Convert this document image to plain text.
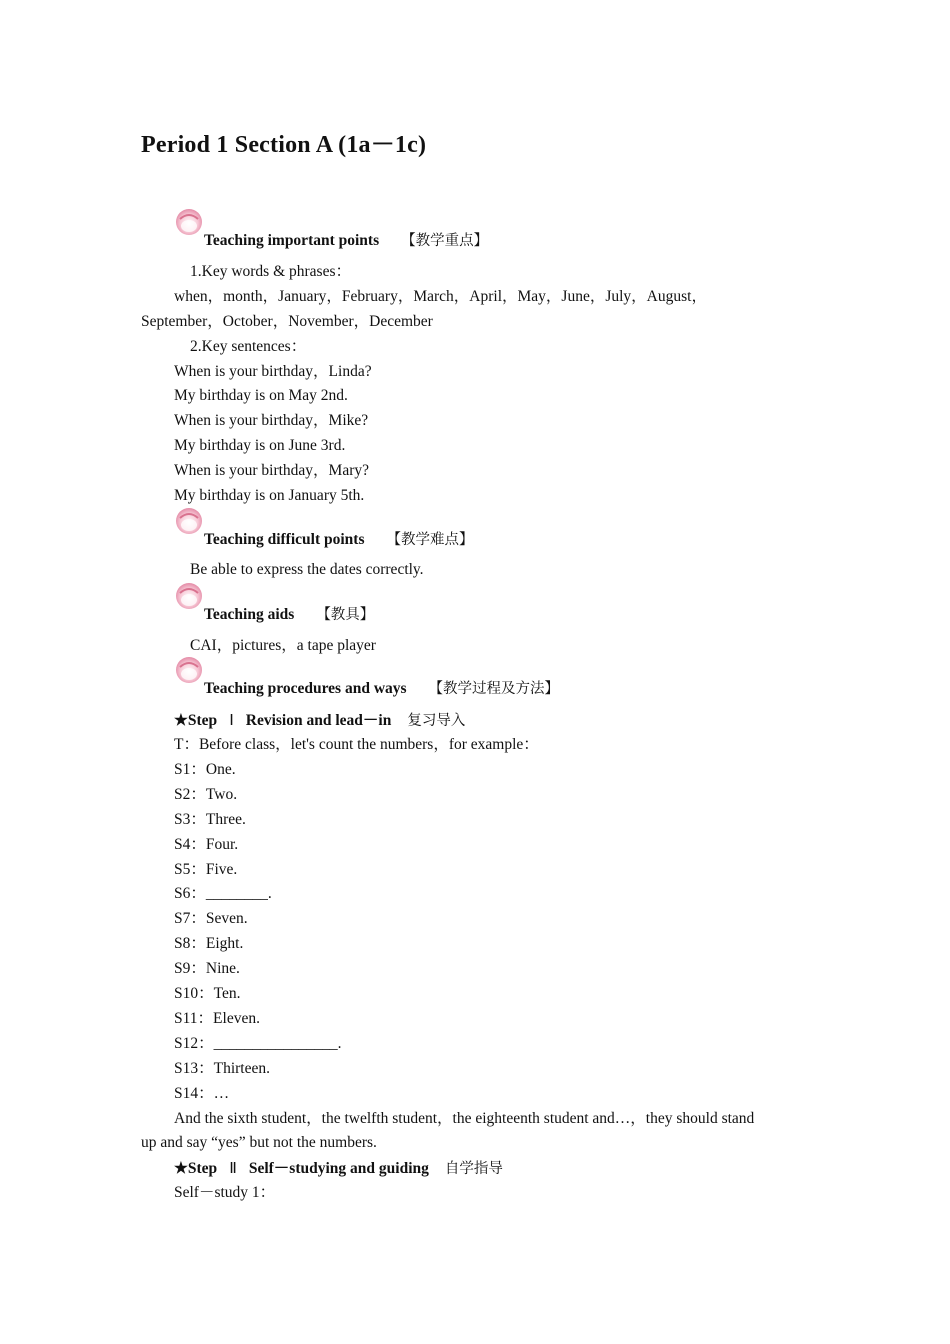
Period 1 Section A (1a－1c)
Teaching important points 【教学重点】
1.Key words & phrases：
when，month，January，February，March，April，May，June，July，August，
September，October，November，December
2.Key sentences：
When is your birthday，Linda?
My birthday is on May 2nd.
When is your birthday，Mike?
My birthday is on June 3rd.
When is your birthday，Mary?
My birthday is on January 5th.
Teaching difficult points 【教学难点】
Be able to express the dates correctly.
Teaching aids 【教具】
CAI，pictures，a tape player
Teaching procedures and ways 【教学过程及方法】
★Step Ⅰ Revision and lead－in 复习导入
T：Before class，let's count the numbers，for example：
S1：One.
S2：Two.
S3：Three.
S4：Four.
S5：Five.
S6：________.
S7：Seven.
S8：Eight.
S9：Nine.
S10：Ten.
S11：Eleven.
S12：________________.
S13：Thirteen.
S14：…
And the sixth student，the twelfth student，the eighteenth student and…，they should stand
up and say “yes” but not the numbers.
★Step Ⅱ Self－studying and guiding 自学指导
Self－study 1：
